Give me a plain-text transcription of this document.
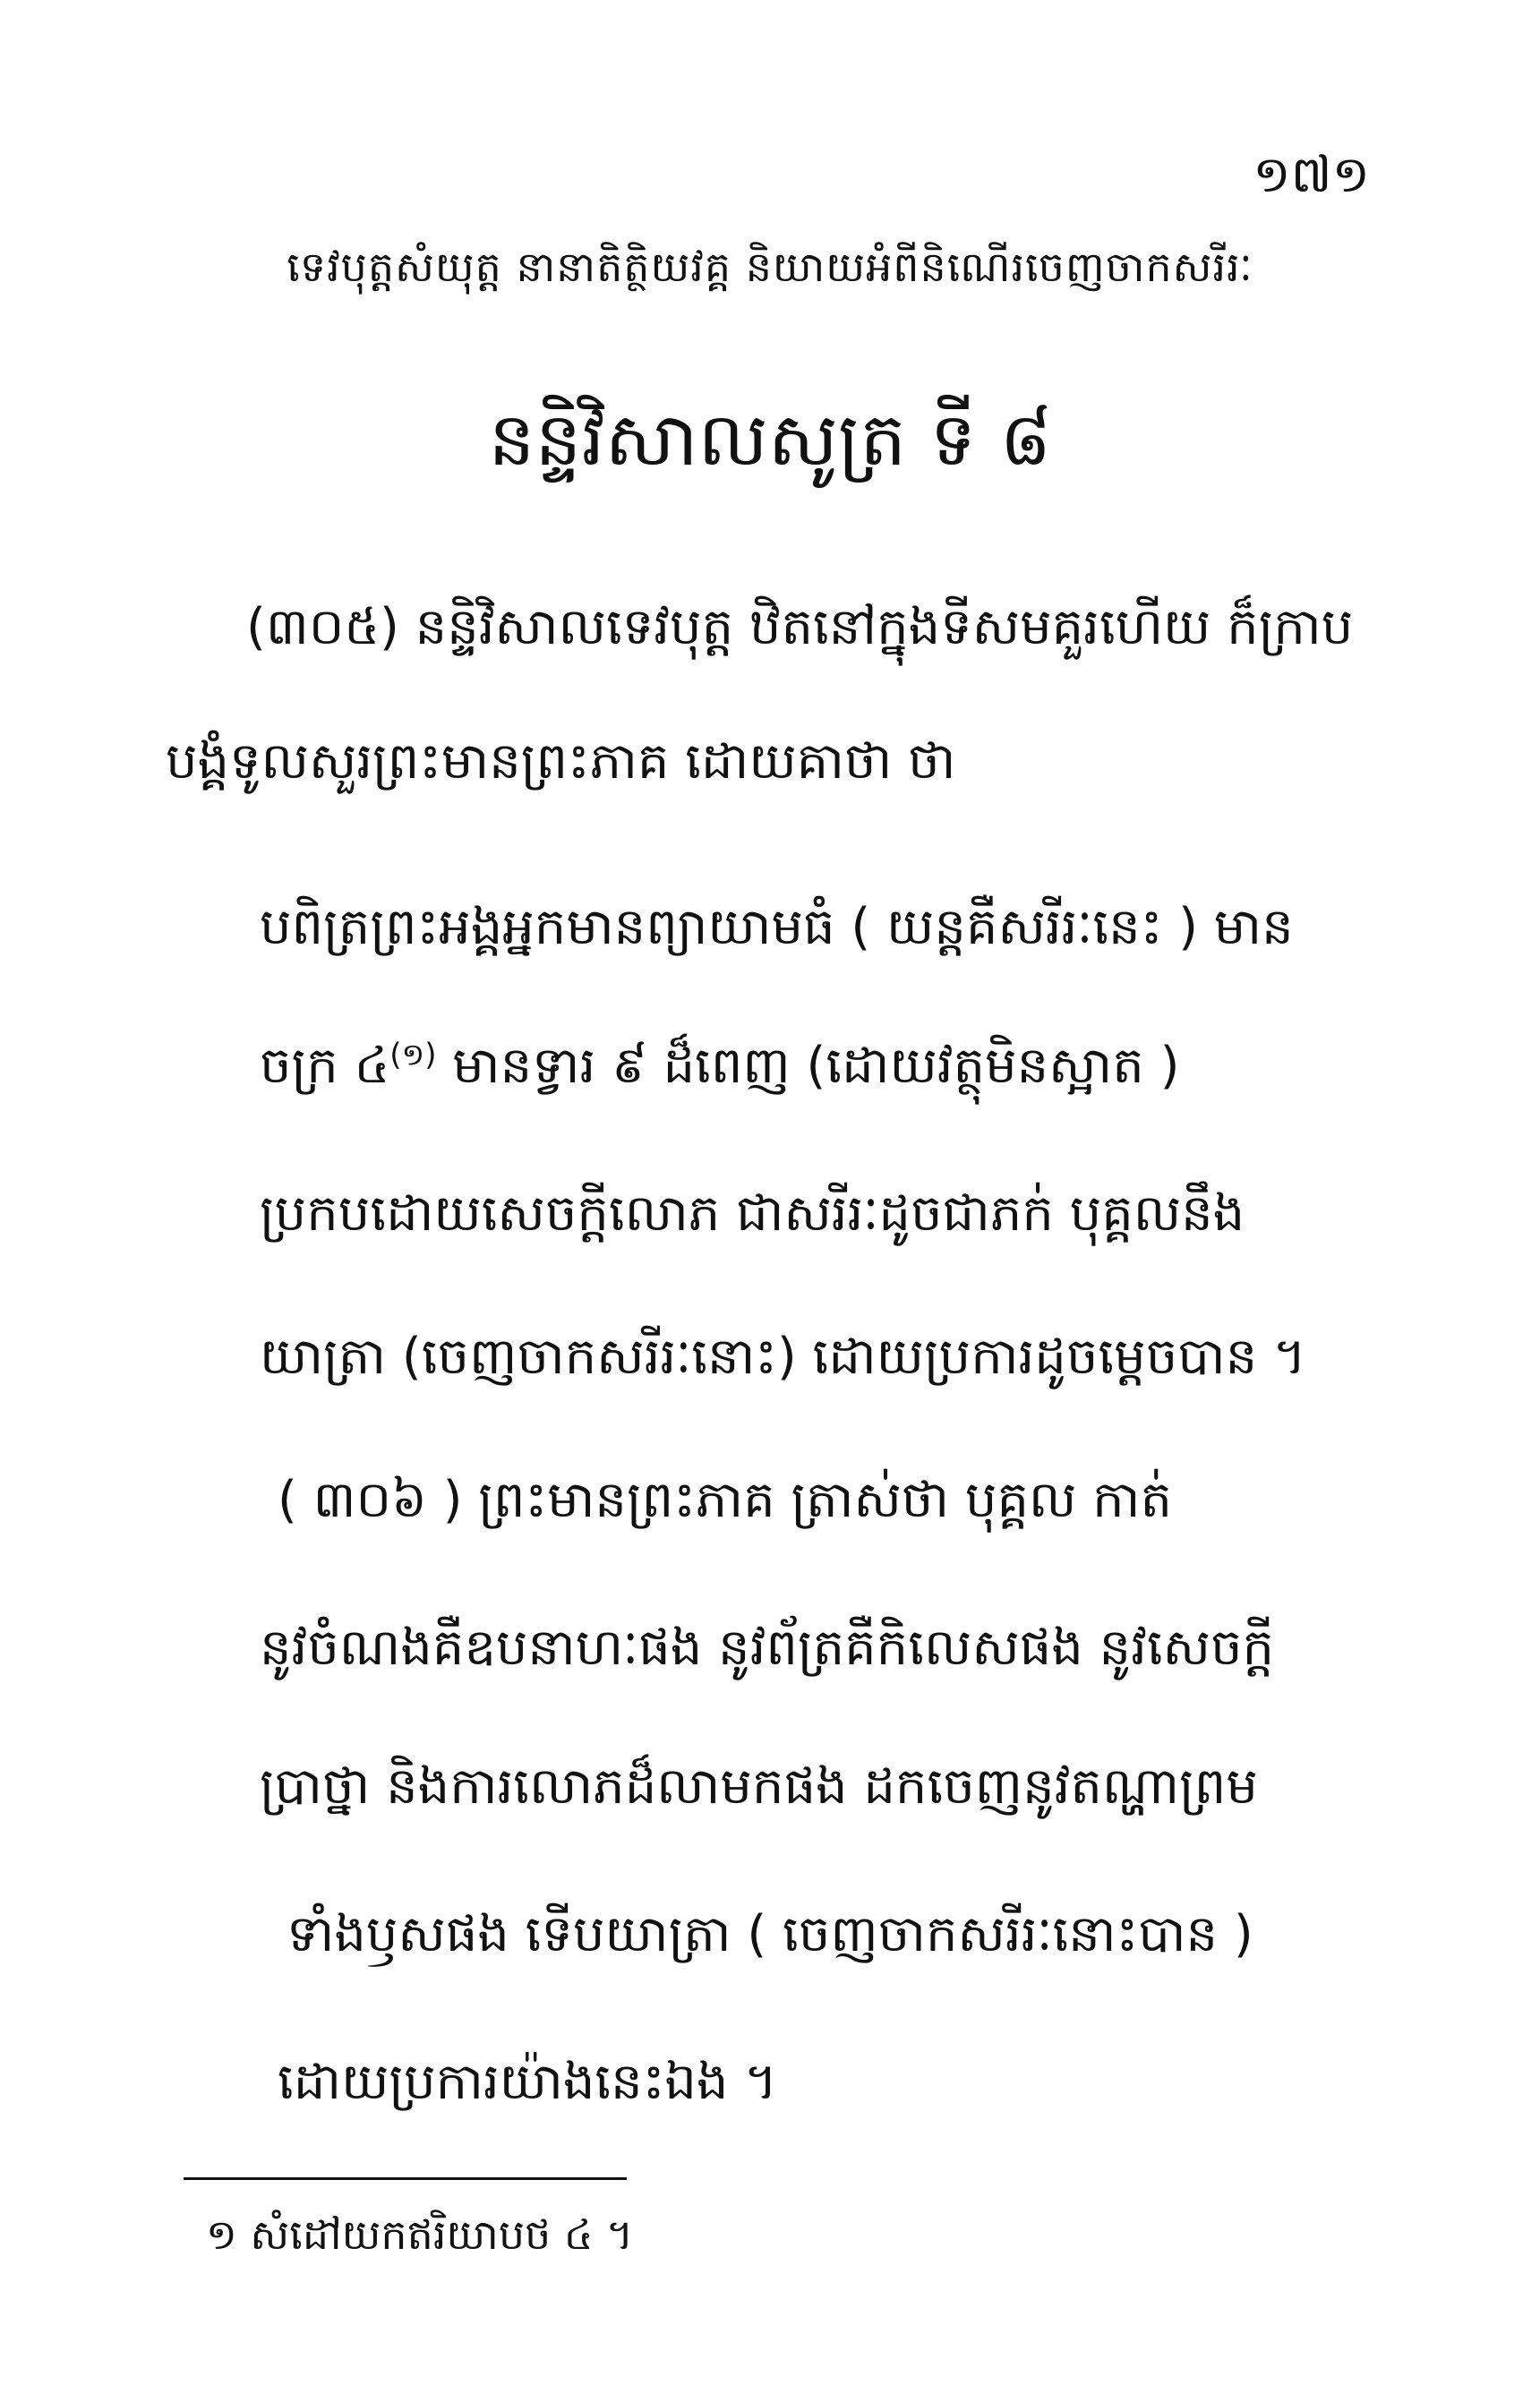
១៧១
ទេវបុត្តសំយុត្ត នានាតិត្ថិយវគ្គ និយាយអំពីនិណើរចេញចាកសរីរៈ
នន្ទិវិសាលសូត្រ ទី ៨
(៣០៥) នន្ទិវិសាលទេវបុត្ត ឋិតនៅក្នុងទីសមគួរហើយ ក៏ក្រាប
បង្គំទូលសួរព្រះមានព្រះភាគ ដោយគាថា ថា
បពិត្រព្រះអង្គអ្នកមានព្យាយាមធំ ( យន្តគឺសរីរៈនេះ ) មាន
ចក្រ ៤$^{(១)}$ មានទ្វារ ៩ ដ៏ពេញ (ដោយវត្ថុមិនស្អាត )
ប្រកបដោយសេចក្តីលោភ ជាសរីរៈដូចជាភក់ បុគ្គលនឹង
យាត្រា (ចេញចាកសរីរៈនោះ) ដោយប្រការដូចម្តេចបាន ។
( ៣០៦ ) ព្រះមានព្រះភាគ ត្រាស់ថា បុគ្គល កាត់
នូវចំណងគឺឧបនាហៈផង នូវព័ត្រគឺកិលេសផង នូវសេចក្តី
ប្រាថ្នា និងការលោភដ៏លាមកផង ដកចេញនូវតណ្ហាព្រម
ទាំងឫសផង ទើបយាត្រា ( ចេញចាកសរីរៈនោះបាន )
ដោយប្រការយ៉ាងនេះឯង ។
១ សំដៅយកឥរិយាបថ ៤ ។
